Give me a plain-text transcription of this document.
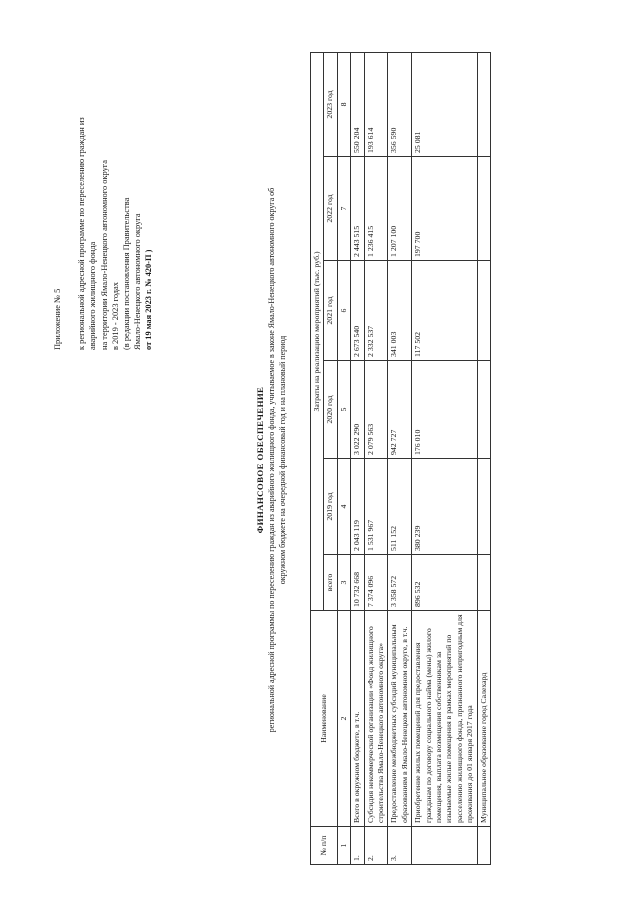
Приложение № 5 к региональной адресной программе по переселению граждан из аварийного жилищного фонда на территории Ямало-Ненецкого автономного округа в 2019 - 2023 годах (в редакции постановления Правительства Ямало-Ненецкого автономного округа от 19 мая 2023 г. № 420-П )
ФИНАНСОВОЕ ОБЕСПЕЧЕНИЕ региональной адресной программы по переселению граждан из аварийного жилищного фонда, учитываемое в законе Ямало-Ненецкого автономного округа об окружном бюджете на очередной финансовый год и на плановый период
№ п/п	Наименование	Затраты на реализацию мероприятий (тыс. руб.)					
		всего	2019 год	2020 год	2021 год	2022 год	2023 год
1	2	3	4	5	6	7	8
1.	Всего в окружном бюджете, в т.ч.	10 732 668	2 043 119	3 022 290	2 673 540	2 443 515	550 204
2.	Субсидия некоммерческой организации «Фонд жилищного строительства Ямало-Ненецкого автономного округа»	7 374 096	1 531 967	2 079 563	2 332 537	1 236 415	193 614
3.	Предоставление межбюджетных субсидий муниципальным образованиям в Ямало-Ненецком автономном округе, в т.ч.	3 358 572	511 152	942 727	341 003	1 207 100	356 590
	Приобретение жилых помещений для предоставления гражданам по договору социального найма (мены) жилого помещения, выплата возмещения собственникам за изымаемые жилые помещения в рамках мероприятий по расселению жилищного фонда, признанного непригодным для проживания до 01 января 2017 года	896 532	380 239	176 010	117 502	197 700	25 081
	Муниципальное образование город Салехард						
